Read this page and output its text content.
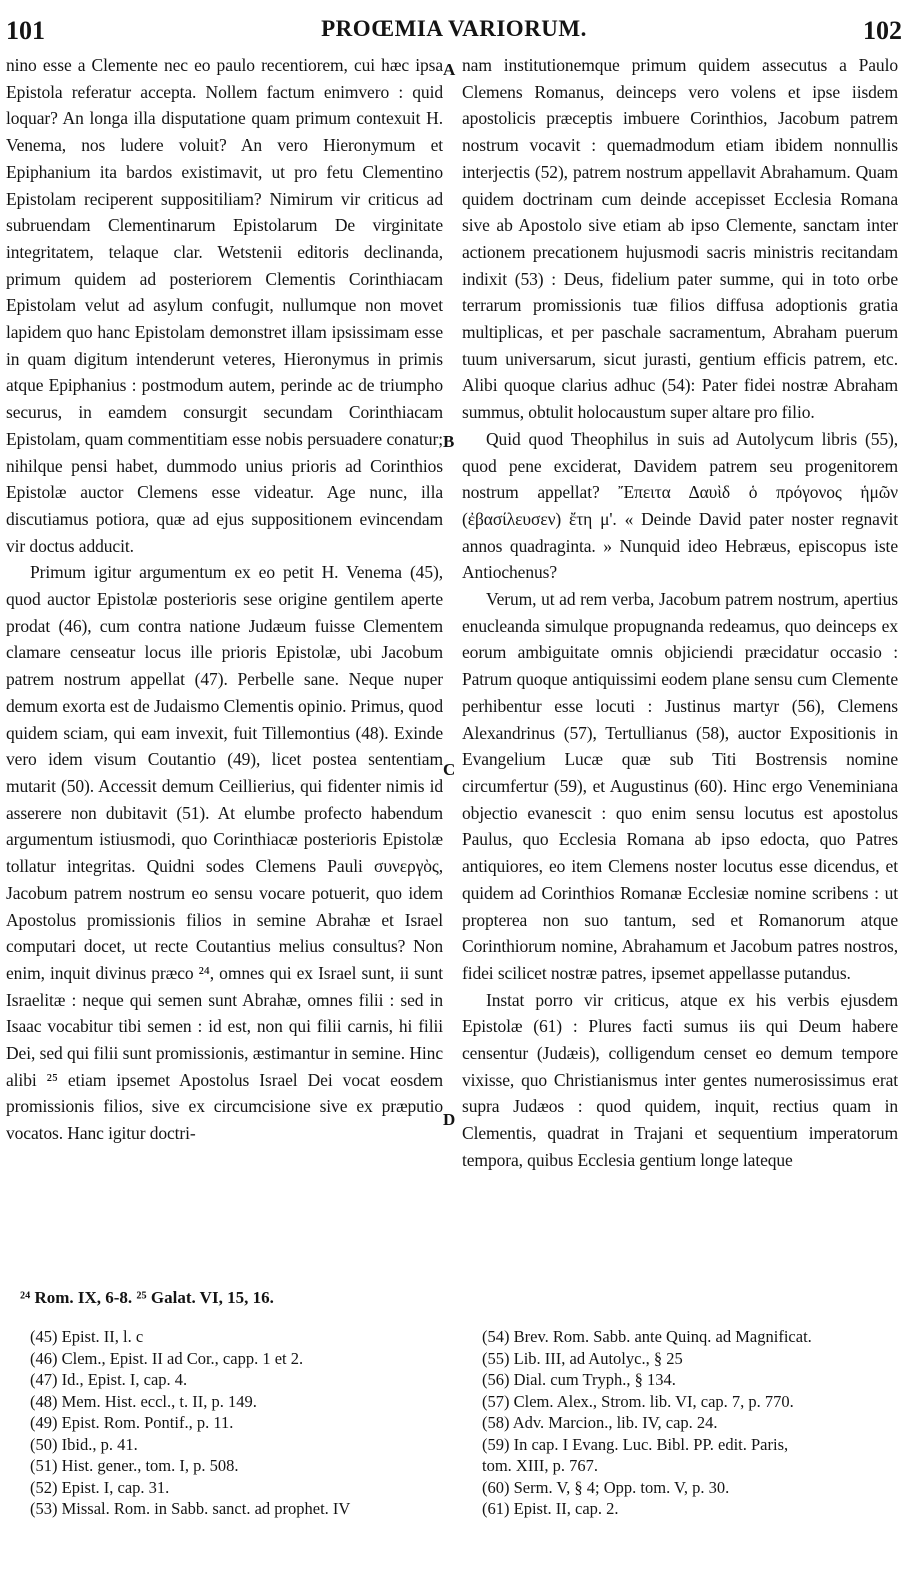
101	PROŒMIA VARIORUM.	102

nino esse a Clemente nec eo paulo recentiorem, cui hæc ipsa Epistola referatur accepta. Nollem factum enimvero : quid loquar? An longa illa disputatione quam primum contexuit H. Venema, nos ludere voluit? An vero Hieronymum et Epiphanium ita bardos existimavit, ut pro fetu Clementino Epistolam reciperent suppositiliam? Nimirum vir criticus ad subruendam Clementinarum Epistolarum De virginitate integritatem, telaque clar. Wetstenii editoris declinanda, primum quidem ad posteriorem Clementis Corinthiacam Epistolam velut ad asylum confugit, nullumque non movet lapidem quo hanc Epistolam demonstret illam ipsissimam esse in quam digitum intenderunt veteres, Hieronymus in primis atque Epiphanius : postmodum autem, perinde ac de triumpho securus, in eamdem consurgit secundam Corinthiacam Epistolam, quam commentitiam esse nobis persuadere conatur; nihilque pensi habet, dummodo unius prioris ad Corinthios Epistolæ auctor Clemens esse videatur. Age nunc, illa discutiamus potiora, quæ ad ejus suppositionem evincendam vir doctus adducit.

Primum igitur argumentum ex eo petit H. Venema (45), quod auctor Epistolæ posterioris sese origine gentilem aperte prodat (46), cum contra natione Judæum fuisse Clementem clamare censeatur locus ille prioris Epistolæ, ubi Jacobum patrem nostrum appellat (47). Perbelle sane. Neque nuper demum exorta est de Judaismo Clementis opinio. Primus, quod quidem sciam, qui eam invexit, fuit Tillemontius (48). Exinde vero idem visum Coutantio (49), licet postea sententiam mutarit (50). Accessit demum Ceillierius, qui fidenter nimis id asserere non dubitavit (51). At elumbe profecto habendum argumentum istiusmodi, quo Corinthiacæ posterioris Epistolæ tollatur integritas. Quidni sodes Clemens Pauli συνεργὸς, Jacobum patrem nostrum eo sensu vocare potuerit, quo idem Apostolus promissionis filios in semine Abrahæ et Israel computari docet, ut recte Coutantius melius consultus? Non enim, inquit divinus præco ²⁴, omnes qui ex Israel sunt, ii sunt Israelitæ : neque qui semen sunt Abrahæ, omnes filii : sed in Isaac vocabitur tibi semen : id est, non qui filii carnis, hi filii Dei, sed qui filii sunt promissionis, æstimantur in semine. Hinc alibi ²⁵ etiam ipsemet Apostolus Israel Dei vocat eosdem promissionis filios, sive ex circumcisione sive ex præputio vocatos. Hanc igitur doctri-

A
B
C
D

nam institutionemque primum quidem assecutus a Paulo Clemens Romanus, deinceps vero volens et ipse iisdem apostolicis præceptis imbuere Corinthios, Jacobum patrem nostrum vocavit : quemadmodum etiam ibidem nonnullis interjectis (52), patrem nostrum appellavit Abrahamum. Quam quidem doctrinam cum deinde accepisset Ecclesia Romana sive ab Apostolo sive etiam ab ipso Clemente, sanctam inter actionem precationem hujusmodi sacris ministris recitandam indixit (53) : Deus, fidelium pater summe, qui in toto orbe terrarum promissionis tuæ filios diffusa adoptionis gratia multiplicas, et per paschale sacramentum, Abraham puerum tuum universarum, sicut jurasti, gentium efficis patrem, etc. Alibi quoque clarius adhuc (54): Pater fidei nostræ Abraham summus, obtulit holocaustum super altare pro filio.

Quid quod Theophilus in suis ad Autolycum libris (55), quod pene exciderat, Davidem patrem seu progenitorem nostrum appellat? Ἔπειτα Δαυὶδ ὁ πρόγονος ἡμῶν (ἐβασίλευσεν) ἔτη μ'. « Deinde David pater noster regnavit annos quadraginta. » Nunquid ideo Hebræus, episcopus iste Antiochenus?

Verum, ut ad rem verba, Jacobum patrem nostrum, apertius enucleanda simulque propugnanda redeamus, quo deinceps ex eorum ambiguitate omnis objiciendi præcidatur occasio : Patrum quoque antiquissimi eodem plane sensu cum Clemente perhibentur esse locuti : Justinus martyr (56), Clemens Alexandrinus (57), Tertullianus (58), auctor Expositionis in Evangelium Lucæ quæ sub Titi Bostrensis nomine circumfertur (59), et Augustinus (60). Hinc ergo Veneminiana objectio evanescit : quo enim sensu locutus est apostolus Paulus, quo Ecclesia Romana ab ipso edocta, quo Patres antiquiores, eo item Clemens noster locutus esse dicendus, et quidem ad Corinthios Romanæ Ecclesiæ nomine scribens : ut propterea non suo tantum, sed et Romanorum atque Corinthiorum nomine, Abrahamum et Jacobum patres nostros, fidei scilicet nostræ patres, ipsemet appellasse putandus.

Instat porro vir criticus, atque ex his verbis ejusdem Epistolæ (61) : Plures facti sumus iis qui Deum habere censentur (Judæis), colligendum censet eo demum tempore vixisse, quo Christianismus inter gentes numerosissimus erat supra Judæos : quod quidem, inquit, rectius quam in Clementis, quadrat in Trajani et sequentium imperatorum tempora, quibus Ecclesia gentium longe lateque

²⁴ Rom. IX, 6-8. ²⁵ Galat. VI, 15, 16.
(45) Epist. II, l. c
(46) Clem., Epist. II ad Cor., capp. 1 et 2.
(47) Id., Epist. I, cap. 4.
(48) Mem. Hist. eccl., t. II, p. 149.
(49) Epist. Rom. Pontif., p. 11.
(50) Ibid., p. 41.
(51) Hist. gener., tom. I, p. 508.
(52) Epist. I, cap. 31.
(53) Missal. Rom. in Sabb. sanct. ad prophet. IV
(54) Brev. Rom. Sabb. ante Quinq. ad Magnificat.
(55) Lib. III, ad Autolyc., § 25
(56) Dial. cum Tryph., § 134.
(57) Clem. Alex., Strom. lib. VI, cap. 7, p. 770.
(58) Adv. Marcion., lib. IV, cap. 24.
(59) In cap. I Evang. Luc. Bibl. PP. edit. Paris,
tom. XIII, p. 767.
(60) Serm. V, § 4; Opp. tom. V, p. 30.
(61) Epist. II, cap. 2.
